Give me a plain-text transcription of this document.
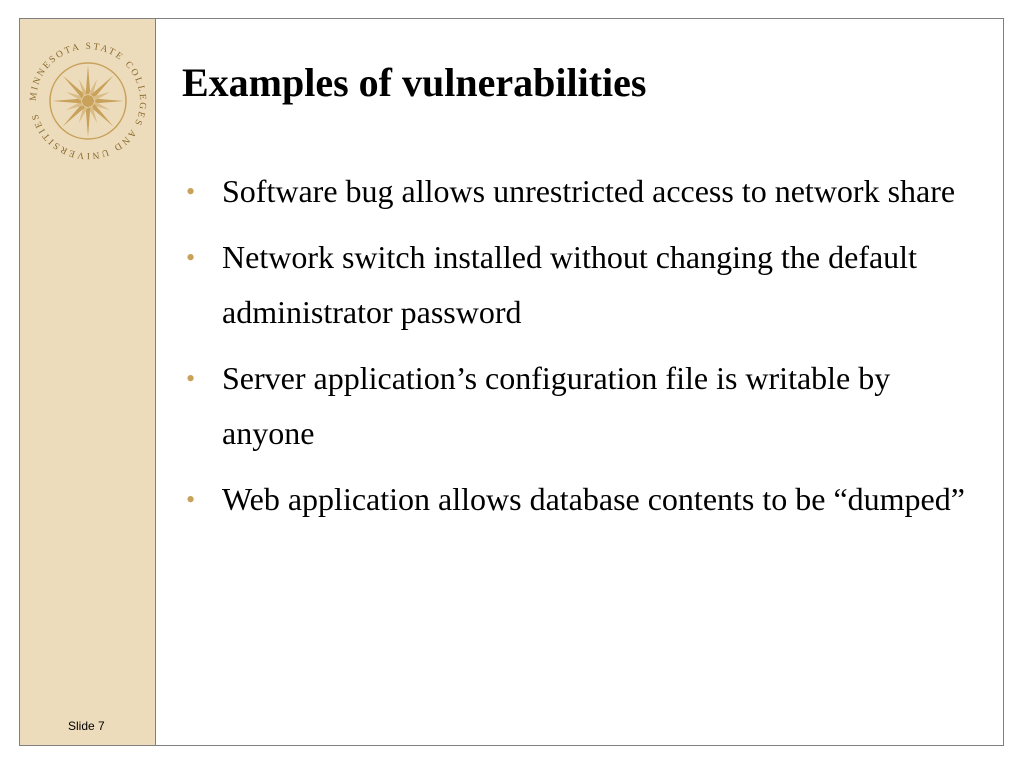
MINNESOTA STATE COLLEGES AND UNIVERSITIES
Slide 7
Examples of vulnerabilities
• Software bug allows unrestricted access to network share
• Network switch installed without changing the default administrator password
• Server application’s configuration file is writable by anyone
• Web application allows database contents to be “dumped”
